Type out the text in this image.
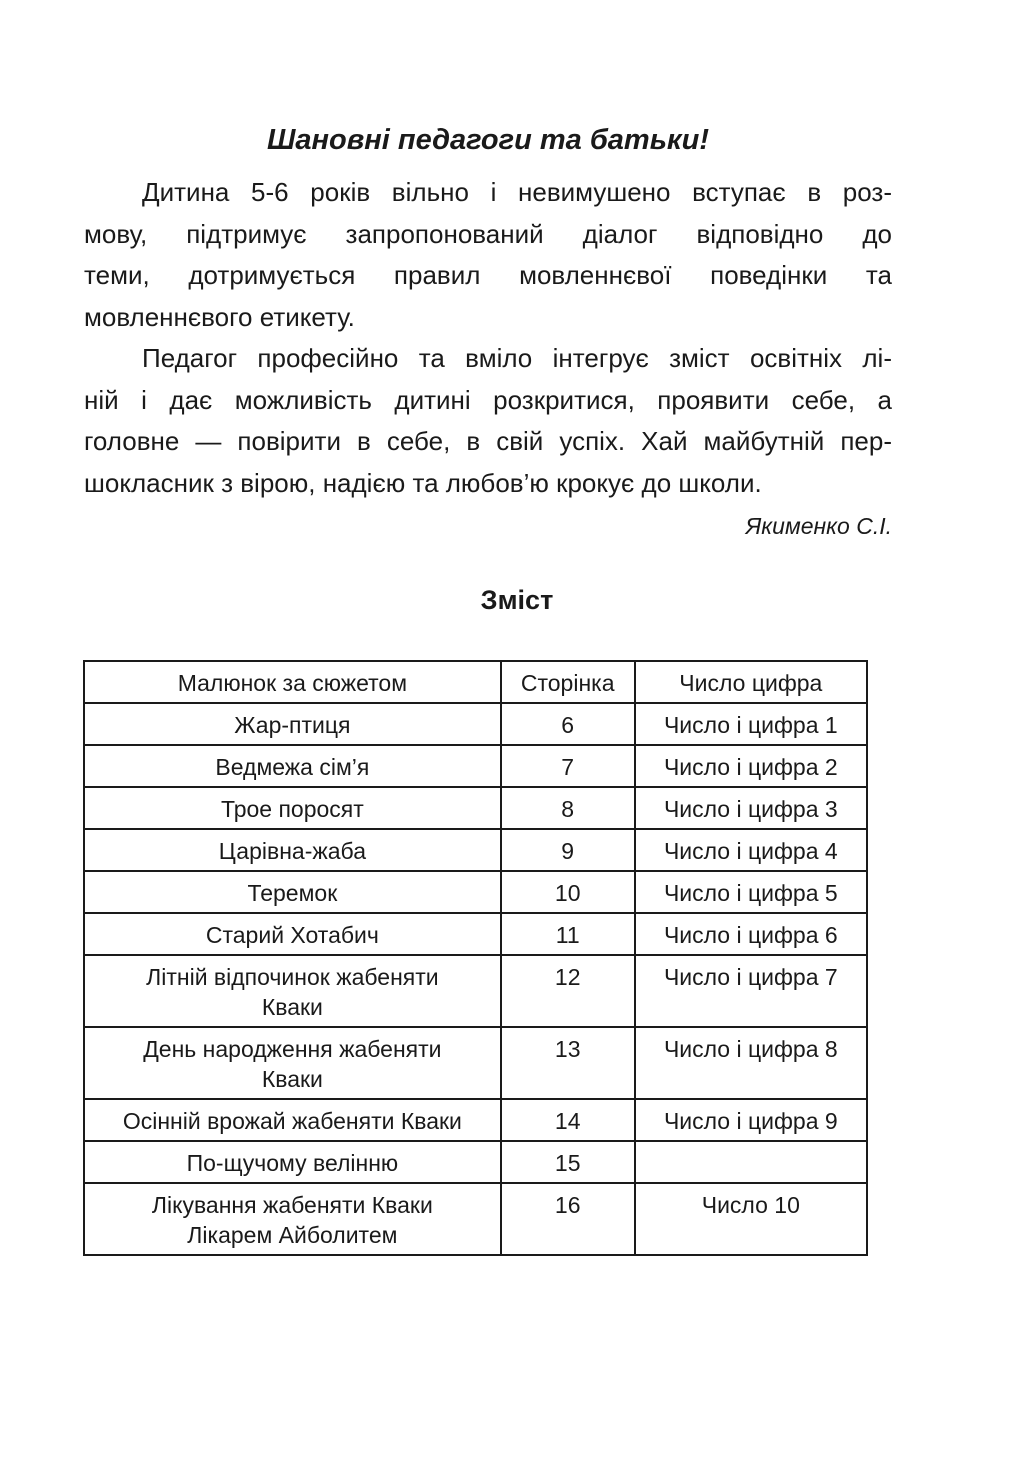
Шановні педагоги та батьки!

Дитина 5-6 років вільно і невимушено вступає в роз-
мову, підтримує запропонований діалог відповідно до
теми, дотримується правил мовленнєвої поведінки та
мовленнєвого етикету.

Педагог професійно та вміло інтегрує зміст освітніх лі-
ній і дає можливість дитині розкритися, проявити себе, а
головне — повірити в себе, в свій успіх. Хай майбутній пер-
шокласник з вірою, надією та любов’ю крокує до школи.

Якименко С.І.
Зміст
Малюнок за сюжетом	Сторінка	Число цифра

Жар-птиця	6	Число і цифра 1

Ведмежа сім’я	7	Число і цифра 2

Трое поросят	8	Число і цифра 3

Царівна-жаба	9	Число і цифра 4

Теремок	10	Число і цифра 5

Старий Хотабич	11	Число і цифра 6

Літній відпочинок жабеняти
Кваки	12	Число і цифра 7

День народження жабеняти
Кваки	13	Число і цифра 8

Осінній врожай жабеняти Кваки	14	Число і цифра 9

По-щучому велінню	15	

Лікування жабеняти Кваки
Лікарем Айболитем	16	Число 10
